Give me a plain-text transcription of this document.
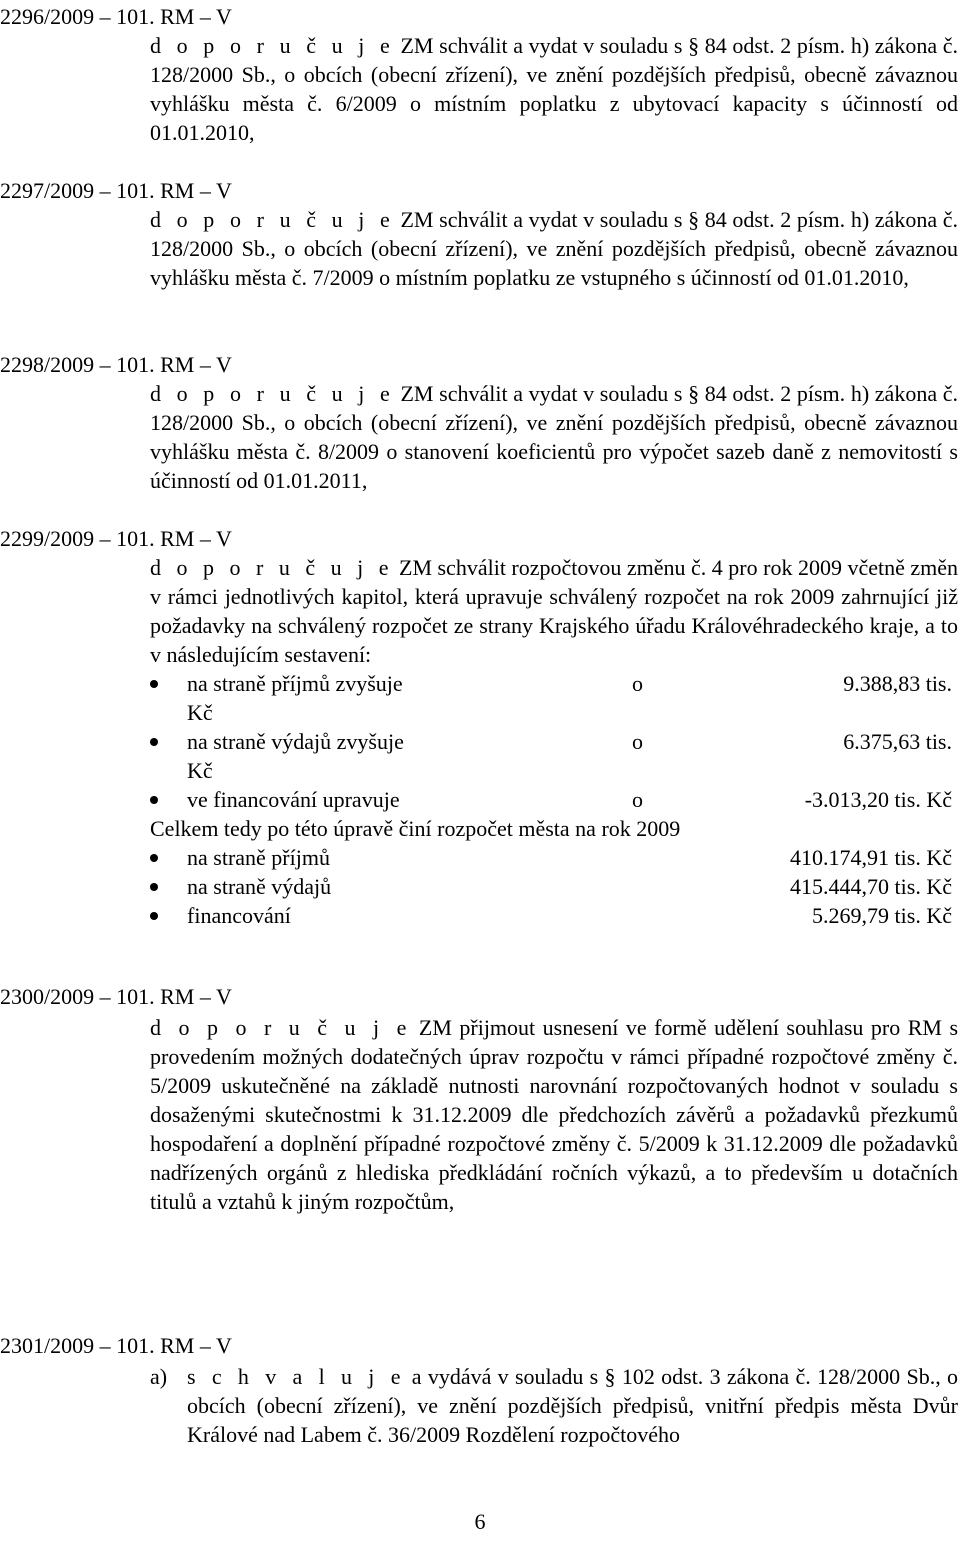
2296/2009 – 101. RM – V

d o p o r u č u j e ZM schválit a vydat v souladu s § 84 odst. 2 písm. h) zákona č. 128/2000 Sb., o obcích (obecní zřízení), ve znění pozdějších předpisů, obecně závaznou vyhlášku města č. 6/2009 o místním poplatku z ubytovací kapacity s účinností od 01.01.2010,

2297/2009 – 101. RM – V

d o p o r u č u j e ZM schválit a vydat v souladu s § 84 odst. 2 písm. h) zákona č. 128/2000 Sb., o obcích (obecní zřízení), ve znění pozdějších předpisů, obecně závaznou vyhlášku města č. 7/2009 o místním poplatku ze vstupného s účinností od 01.01.2010,

2298/2009 – 101. RM – V

d o p o r u č u j e ZM schválit a vydat v souladu s § 84 odst. 2 písm. h) zákona č. 128/2000 Sb., o obcích (obecní zřízení), ve znění pozdějších předpisů, obecně závaznou vyhlášku města č. 8/2009 o stanovení koeficientů pro výpočet sazeb daně z nemovitostí s účinností od 01.01.2011,

2299/2009 – 101. RM – V

d o p o r u č u j e ZM schválit rozpočtovou změnu č. 4 pro rok 2009 včetně změn v rámci jednotlivých kapitol, která upravuje schválený rozpočet na rok 2009 zahrnující již požadavky na schválený rozpočet ze strany Krajského úřadu Královéhradeckého kraje, a to v následujícím sestavení:

na straně příjmů zvyšuje	o	9.388,83 tis.
Kč
na straně výdajů zvyšuje	o	6.375,63 tis.
Kč
ve financování upravuje	o	-3.013,20 tis. Kč
Celkem tedy po této úpravě činí rozpočet města na rok 2009
na straně příjmů	410.174,91 tis. Kč
na straně výdajů	415.444,70 tis. Kč
financování	5.269,79 tis. Kč
2300/2009 – 101. RM – V

d o p o r u č u j e ZM přijmout usnesení ve formě udělení souhlasu pro RM s provedením možných dodatečných úprav rozpočtu v rámci případné rozpočtové změny č. 5/2009 uskutečněné na základě nutnosti narovnání rozpočtovaných hodnot v souladu s dosaženými skutečnostmi k 31.12.2009 dle předchozích závěrů a požadavků přezkumů hospodaření a doplnění případné rozpočtové změny č. 5/2009 k 31.12.2009 dle požadavků nadřízených orgánů z hlediska předkládání ročních výkazů, a to především u dotačních titulů a vztahů k jiným rozpočtům,

2301/2009 – 101. RM – V
a) s c h v a l u j e a vydává v souladu s § 102 odst. 3 zákona č. 128/2000 Sb., o obcích (obecní zřízení), ve znění pozdějších předpisů, vnitřní předpis města Dvůr Králové nad Labem č. 36/2009 Rozdělení rozpočtového

6
